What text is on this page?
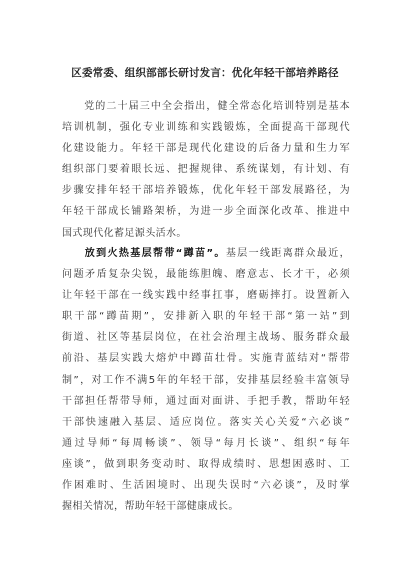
区委常委、组织部部长研讨发言：优化年轻干部培养路径
　　党的二十届三中全会指出，健全常态化培训特别是基本
培训机制，强化专业训练和实践锻炼，全面提高干部现代
化建设能力。年轻干部是现代化建设的后备力量和生力军
组织部门要着眼长远、把握规律、系统谋划，有计划、有
步骤安排年轻干部培养锻炼，优化年轻干部发展路径，为
年轻干部成长铺路架桥，为进一步全面深化改革、推进中
国式现代化蓄足源头活水。
　　放到火热基层帮带“蹲苗”。基层一线距离群众最近，
问题矛盾复杂尖锐，最能练胆魄、磨意志、长才干，必须
让年轻干部在一线实践中经事扛事，磨砺摔打。设置新入
职干部“蹲苗期”，安排新入职的年轻干部“第一站”到
街道、社区等基层岗位，在社会治理主战场、服务群众最
前沿、基层实践大熔炉中蹲苗壮骨。实施青蓝结对“帮带
制”，对工作不满5年的年轻干部，安排基层经验丰富领导
干部担任帮带导师，通过面对面讲、手把手教，帮助年轻
干部快速融入基层、适应岗位。落实关心关爱“六必谈”
通过导师“每周畅谈”、领导“每月长谈”、组织“每年
座谈”，做到职务变动时、取得成绩时、思想困惑时、工
作困难时、生活困境时、出现失误时“六必谈”，及时掌
握相关情况，帮助年轻干部健康成长。
